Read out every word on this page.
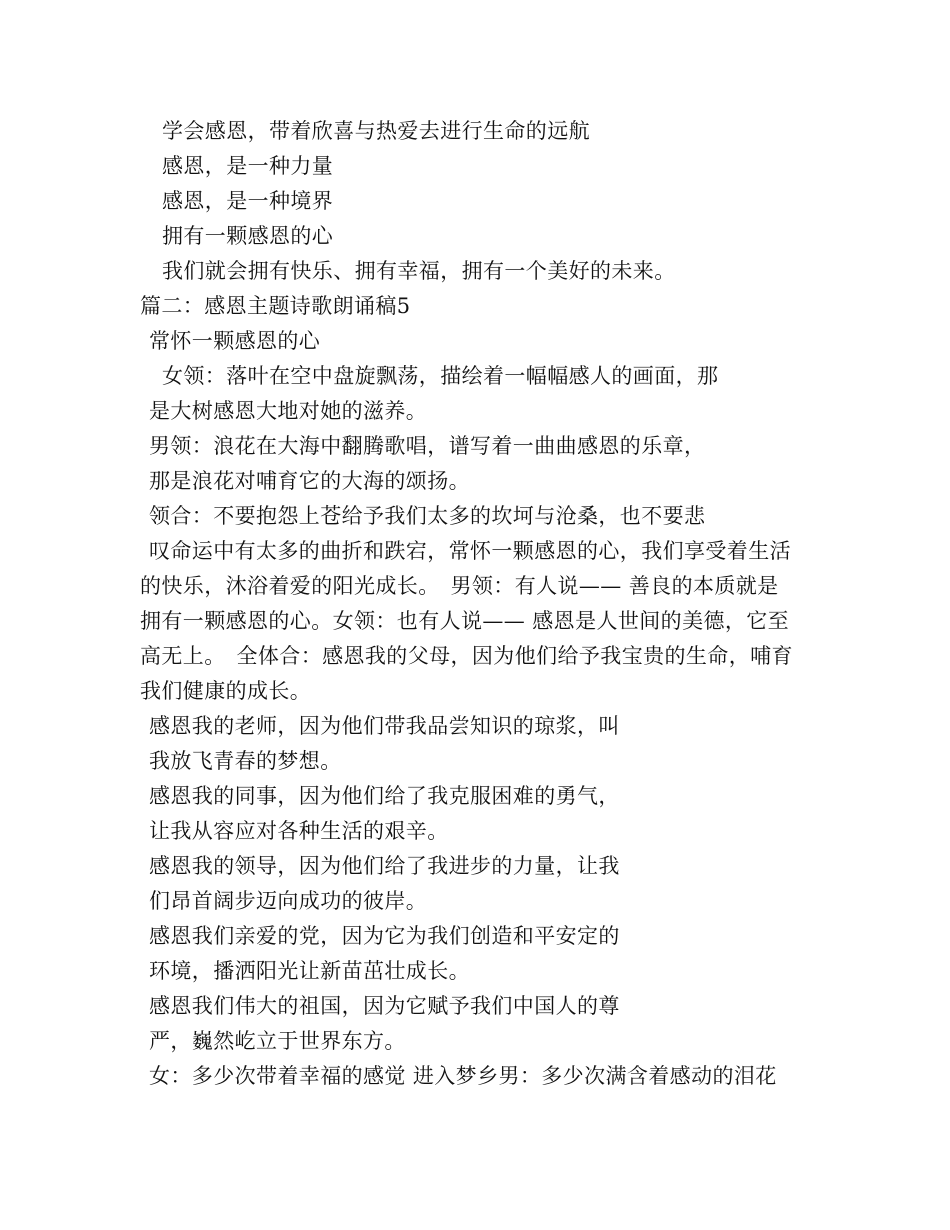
学会感恩，带着欣喜与热爱去进行生命的远航
感恩，是一种力量
感恩，是一种境界
拥有一颗感恩的心
我们就会拥有快乐、拥有幸福，拥有一个美好的未来。
篇二：感恩主题诗歌朗诵稿5
常怀一颗感恩的心
女领：落叶在空中盘旋飘荡，描绘着一幅幅感人的画面，那
是大树感恩大地对她的滋养。
男领：浪花在大海中翻腾歌唱，谱写着一曲曲感恩的乐章，
那是浪花对哺育它的大海的颂扬。
领合：不要抱怨上苍给予我们太多的坎坷与沧桑，也不要悲
叹命运中有太多的曲折和跌宕，常怀一颗感恩的心，我们享受着生活
的快乐，沐浴着爱的阳光成长。　男领：有人说—— 善良的本质就是
拥有一颗感恩的心。女领：也有人说—— 感恩是人世间的美德，它至
高无上。　全体合：感恩我的父母，因为他们给予我宝贵的生命，哺育
我们健康的成长。
感恩我的老师，因为他们带我品尝知识的琼浆，叫
我放飞青春的梦想。
感恩我的同事，因为他们给了我克服困难的勇气，
让我从容应对各种生活的艰辛。
感恩我的领导，因为他们给了我进步的力量，让我
们昂首阔步迈向成功的彼岸。
感恩我们亲爱的党，因为它为我们创造和平安定的
环境，播洒阳光让新苗茁壮成长。
感恩我们伟大的祖国，因为它赋予我们中国人的尊
严，巍然屹立于世界东方。
女：多少次带着幸福的感觉 进入梦乡男：多少次满含着感动的泪花
